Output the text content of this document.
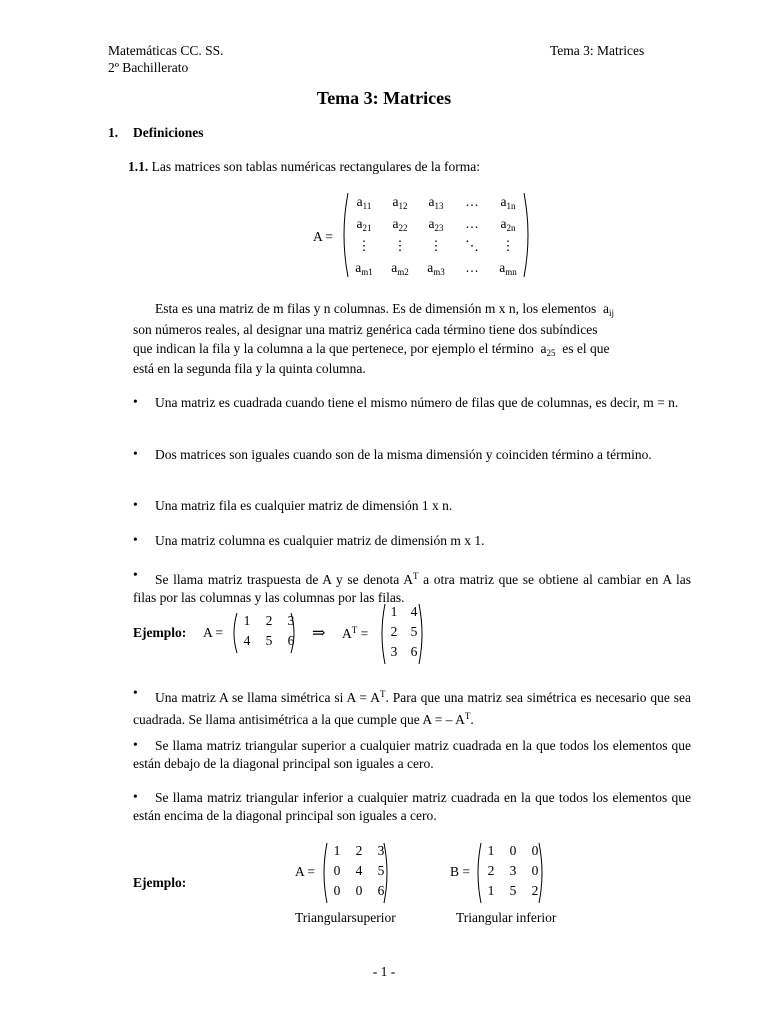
Matemáticas CC. SS.
2º Bachillerato
Tema 3: Matrices
Tema 3: Matrices
1. Definiciones
1.1. Las matrices son tablas numéricas rectangulares de la forma:
A =
$a_{11}$	$a_{12}$	$a_{13}$	…	$a_{1n}$
$a_{21}$	$a_{22}$	$a_{23}$	…	$a_{2n}$
⋮	⋮	⋮	⋱	⋮
$a_{m1}$	$a_{m2}$	$a_{m3}$	…	$a_{mn}$
Esta es una matriz de m filas y n columnas. Es de dimensión m x n, los elementos $a_{ij}$
son números reales, al designar una matriz genérica cada término tiene dos subíndices
que indican la fila y la columna a la que pertenece, por ejemplo el término $a_{25}$ es el que
está en la segunda fila y la quinta columna.
•	Una matriz es cuadrada cuando tiene el mismo número de filas que de columnas, es decir, m = n.
•	Dos matrices son iguales cuando son de la misma dimensión y coinciden término a término.
•	Una matriz fila es cualquier matriz de dimensión 1 x n.
•	Una matriz columna es cualquier matriz de dimensión m x 1.
•	Se llama matriz traspuesta de A y se denota $A^T$ a otra matriz que se obtiene al cambiar en A las filas por las columnas y las columnas por las filas.
Ejemplo: A =
1	2	3
4	5	6	⇒ $A^T$ =
1 4
2 5
3 6
•	Una matriz A se llama simétrica si $A = A^T$. Para que una matriz sea simétrica es necesario que sea cuadrada. Se llama antisimétrica a la que cumple que A = – $A^T$.
•	Se llama matriz triangular superior a cualquier matriz cuadrada en la que todos los elementos que están debajo de la diagonal principal son iguales a cero.
•	Se llama matriz triangular inferior a cualquier matriz cuadrada en la que todos los elementos que están encima de la diagonal principal son iguales a cero.
Ejemplo:
A =
1	2	3
0	4	5
0	0	6
Triangularsuperior
B =
1	0	0
2	3	0
1	5	2
Triangular inferior
- 1 -
